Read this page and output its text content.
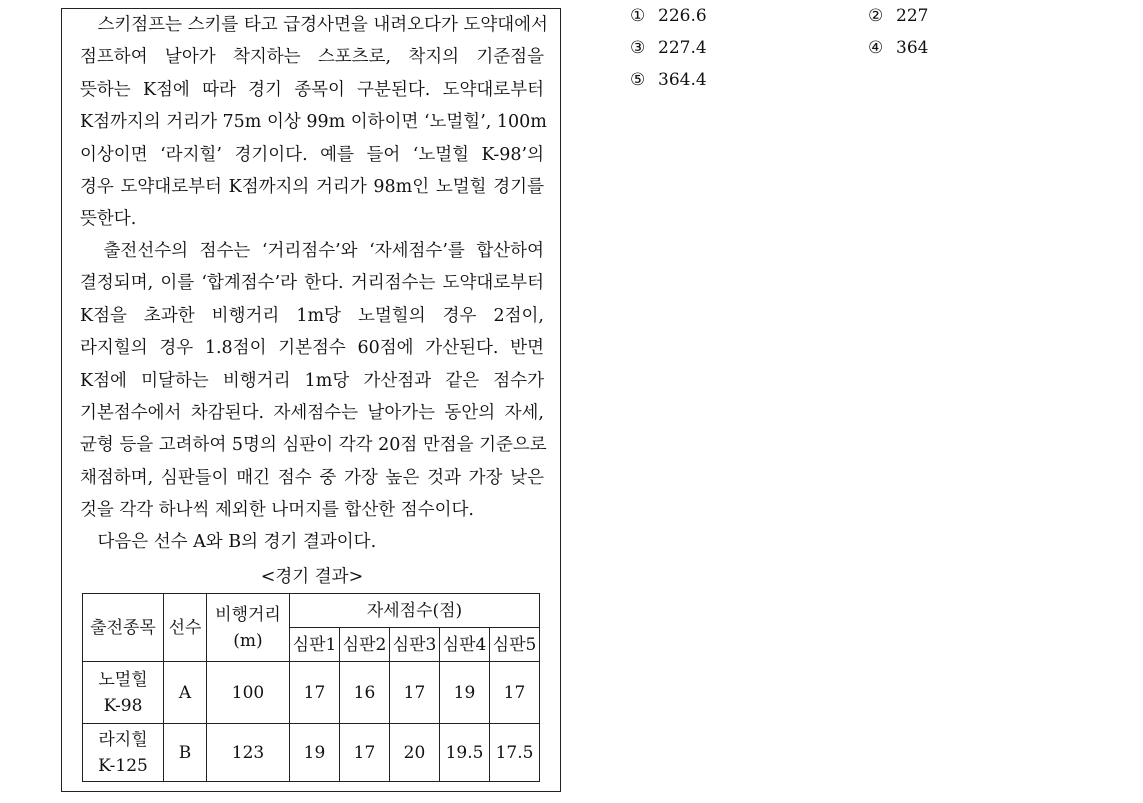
　스키점프는 스키를 타고 급경사면을 내려오다가 도약대에서
점프하여 날아가 착지하는 스포츠로, 착지의 기준점을
뜻하는 K점에 따라 경기 종목이 구분된다. 도약대로부터
K점까지의 거리가 75m 이상 99m 이하이면 ‘노멀힐’, 100m
이상이면 ‘라지힐’ 경기이다. 예를 들어 ‘노멀힐 K-98’의
경우 도약대로부터 K점까지의 거리가 98m인 노멀힐 경기를
뜻한다.

　출전선수의 점수는 ‘거리점수’와 ‘자세점수’를 합산하여
결정되며, 이를 ‘합계점수’라 한다. 거리점수는 도약대로부터
K점을 초과한 비행거리 1m당 노멀힐의 경우 2점이,
라지힐의 경우 1.8점이 기본점수 60점에 가산된다. 반면
K점에 미달하는 비행거리 1m당 가산점과 같은 점수가
기본점수에서 차감된다. 자세점수는 날아가는 동안의 자세,
균형 등을 고려하여 5명의 심판이 각각 20점 만점을 기준으로
채점하며, 심판들이 매긴 점수 중 가장 높은 것과 가장 낮은
것을 각각 하나씩 제외한 나머지를 합산한 점수이다.

　다음은 선수 A와 B의 경기 결과이다.

<경기 결과>
출전종목	선수	비행거리 (m)	자세점수(점)				
			심판1	심판2	심판3	심판4	심판5
노멀힐 K-98	A	100	17	16	17	19	17
라지힐 K-125	B	123	19	17	20	19.5	17.5
① 226.6
③ 227.4
⑤ 364.4
② 227
④ 364
